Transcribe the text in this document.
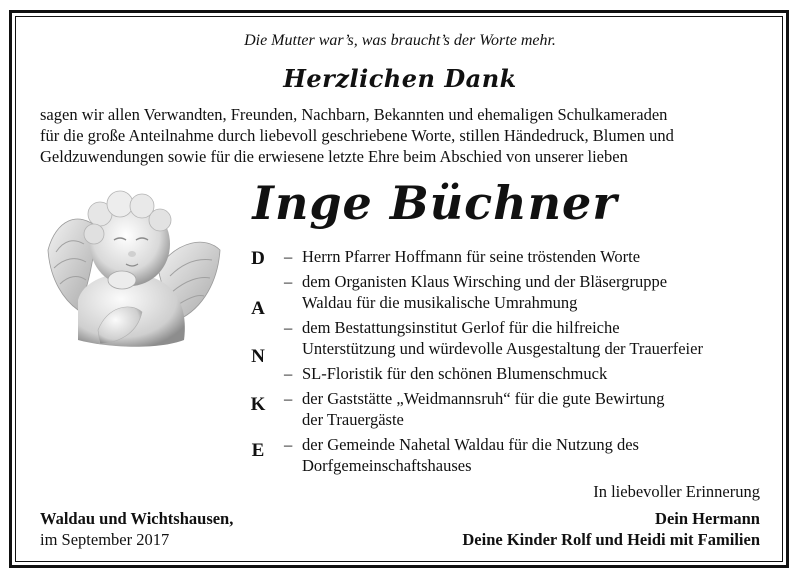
Die Mutter war’s, was braucht’s der Worte mehr.
Herzlichen Dank
sagen wir allen Verwandten, Freunden, Nachbarn, Bekannten und ehemaligen Schulkameraden
für die große Anteilnahme durch liebevoll geschriebene Worte, stillen Händedruck, Blumen und
Geldzuwendungen sowie für die erwiesene letzte Ehre beim Abschied von unserer lieben
Inge Büchner
D
A
N
K
E
– Herrn Pfarrer Hoffmann für seine tröstenden Worte
– dem Organisten Klaus Wirsching und der Bläsergruppe
Waldau für die musikalische Umrahmung
– dem Bestattungsinstitut Gerlof für die hilfreiche
Unterstützung und würdevolle Ausgestaltung der Trauerfeier
– SL-Floristik für den schönen Blumenschmuck
– der Gaststätte „Weidmannsruh“ für die gute Bewirtung
der Trauergäste
– der Gemeinde Nahetal Waldau für die Nutzung des
Dorfgemeinschaftshauses
In liebevoller Erinnerung
Waldau und Wichtshausen,
im September 2017
Dein Hermann
Deine Kinder Rolf und Heidi mit Familien
